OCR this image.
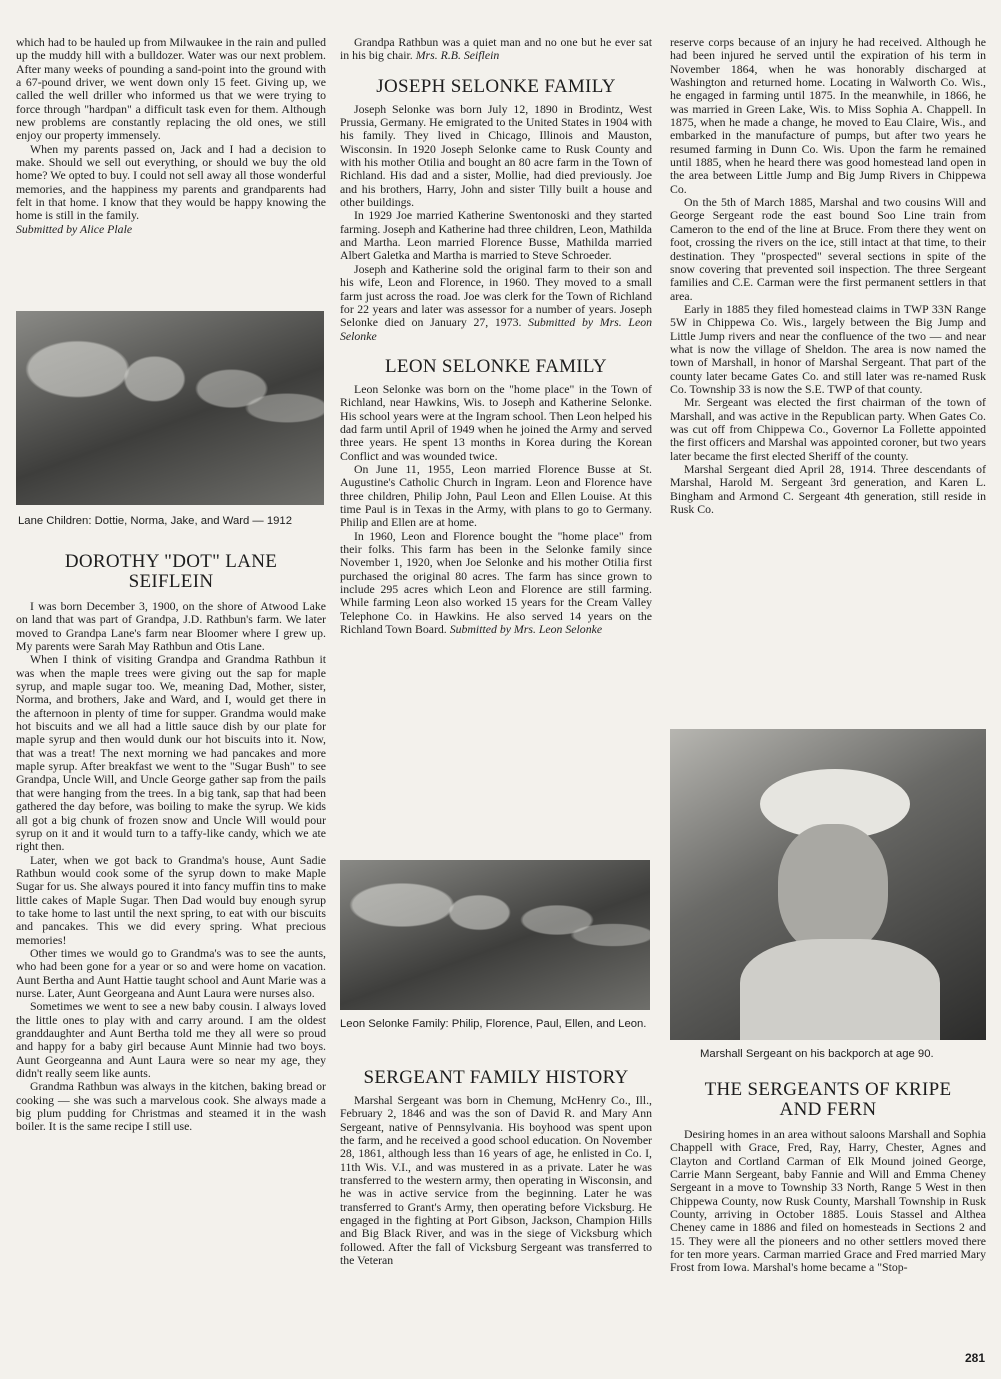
which had to be hauled up from Milwaukee in the rain and pulled up the muddy hill with a bulldozer. Water was our next problem. After many weeks of pounding a sand-point into the ground with a 67-pound driver, we went down only 15 feet. Giving up, we called the well driller who informed us that we were trying to force through "hardpan" a difficult task even for them. Although new problems are constantly replacing the old ones, we still enjoy our property immensely.

When my parents passed on, Jack and I had a decision to make. Should we sell out everything, or should we buy the old home? We opted to buy. I could not sell away all those wonderful memories, and the happiness my parents and grandparents had felt in that home. I know that they would be happy knowing the home is still in the family.

Submitted by Alice Plale

Lane Children: Dottie, Norma, Jake, and Ward — 1912
DOROTHY "DOT" LANE SEIFLEIN

I was born December 3, 1900, on the shore of Atwood Lake on land that was part of Grandpa, J.D. Rathbun's farm. We later moved to Grandpa Lane's farm near Bloomer where I grew up. My parents were Sarah May Rathbun and Otis Lane.

When I think of visiting Grandpa and Grandma Rathbun it was when the maple trees were giving out the sap for maple syrup, and maple sugar too. We, meaning Dad, Mother, sister, Norma, and brothers, Jake and Ward, and I, would get there in the afternoon in plenty of time for supper. Grandma would make hot biscuits and we all had a little sauce dish by our plate for maple syrup and then would dunk our hot biscuits into it. Now, that was a treat! The next morning we had pancakes and more maple syrup. After breakfast we went to the "Sugar Bush" to see Grandpa, Uncle Will, and Uncle George gather sap from the pails that were hanging from the trees. In a big tank, sap that had been gathered the day before, was boiling to make the syrup. We kids all got a big chunk of frozen snow and Uncle Will would pour syrup on it and it would turn to a taffy-like candy, which we ate right then.

Later, when we got back to Grandma's house, Aunt Sadie Rathbun would cook some of the syrup down to make Maple Sugar for us. She always poured it into fancy muffin tins to make little cakes of Maple Sugar. Then Dad would buy enough syrup to take home to last until the next spring, to eat with our biscuits and pancakes. This we did every spring. What precious memories!

Other times we would go to Grandma's was to see the aunts, who had been gone for a year or so and were home on vacation. Aunt Bertha and Aunt Hattie taught school and Aunt Marie was a nurse. Later, Aunt Georgeana and Aunt Laura were nurses also.

Sometimes we went to see a new baby cousin. I always loved the little ones to play with and carry around. I am the oldest granddaughter and Aunt Bertha told me they all were so proud and happy for a baby girl because Aunt Minnie had two boys. Aunt Georgeanna and Aunt Laura were so near my age, they didn't really seem like aunts.

Grandma Rathbun was always in the kitchen, baking bread or cooking — she was such a marvelous cook. She always made a big plum pudding for Christmas and steamed it in the wash boiler. It is the same recipe I still use.

Grandpa Rathbun was a quiet man and no one but he ever sat in his big chair. Mrs. R.B. Seiflein

JOSEPH SELONKE FAMILY

Joseph Selonke was born July 12, 1890 in Brodintz, West Prussia, Germany. He emigrated to the United States in 1904 with his family. They lived in Chicago, Illinois and Mauston, Wisconsin. In 1920 Joseph Selonke came to Rusk County and with his mother Otilia and bought an 80 acre farm in the Town of Richland. His dad and a sister, Mollie, had died previously. Joe and his brothers, Harry, John and sister Tilly built a house and other buildings.

In 1929 Joe married Katherine Swentonoski and they started farming. Joseph and Katherine had three children, Leon, Mathilda and Martha. Leon married Florence Busse, Mathilda married Albert Galetka and Martha is married to Steve Schroeder.

Joseph and Katherine sold the original farm to their son and his wife, Leon and Florence, in 1960. They moved to a small farm just across the road. Joe was clerk for the Town of Richland for 22 years and later was assessor for a number of years. Joseph Selonke died on January 27, 1973. Submitted by Mrs. Leon Selonke

LEON SELONKE FAMILY

Leon Selonke was born on the "home place" in the Town of Richland, near Hawkins, Wis. to Joseph and Katherine Selonke. His school years were at the Ingram school. Then Leon helped his dad farm until April of 1949 when he joined the Army and served three years. He spent 13 months in Korea during the Korean Conflict and was wounded twice.

On June 11, 1955, Leon married Florence Busse at St. Augustine's Catholic Church in Ingram. Leon and Florence have three children, Philip John, Paul Leon and Ellen Louise. At this time Paul is in Texas in the Army, with plans to go to Germany. Philip and Ellen are at home.

In 1960, Leon and Florence bought the "home place" from their folks. This farm has been in the Selonke family since November 1, 1920, when Joe Selonke and his mother Otilia first purchased the original 80 acres. The farm has since grown to include 295 acres which Leon and Florence are still farming. While farming Leon also worked 15 years for the Cream Valley Telephone Co. in Hawkins. He also served 14 years on the Richland Town Board. Submitted by Mrs. Leon Selonke

Leon Selonke Family: Philip, Florence, Paul, Ellen, and Leon.
SERGEANT FAMILY HISTORY

Marshal Sergeant was born in Chemung, McHenry Co., Ill., February 2, 1846 and was the son of David R. and Mary Ann Sergeant, native of Pennsylvania. His boyhood was spent upon the farm, and he received a good school education. On November 28, 1861, although less than 16 years of age, he enlisted in Co. I, 11th Wis. V.I., and was mustered in as a private. Later he was transferred to the western army, then operating in Wisconsin, and he was in active service from the beginning. Later he was transferred to Grant's Army, then operating before Vicksburg. He engaged in the fighting at Port Gibson, Jackson, Champion Hills and Big Black River, and was in the siege of Vicksburg which followed. After the fall of Vicksburg Sergeant was transferred to the Veteran

reserve corps because of an injury he had received. Although he had been injured he served until the expiration of his term in November 1864, when he was honorably discharged at Washington and returned home. Locating in Walworth Co. Wis., he engaged in farming until 1875. In the meanwhile, in 1866, he was married in Green Lake, Wis. to Miss Sophia A. Chappell. In 1875, when he made a change, he moved to Eau Claire, Wis., and embarked in the manufacture of pumps, but after two years he resumed farming in Dunn Co. Wis. Upon the farm he remained until 1885, when he heard there was good homestead land open in the area between Little Jump and Big Jump Rivers in Chippewa Co.

On the 5th of March 1885, Marshal and two cousins Will and George Sergeant rode the east bound Soo Line train from Cameron to the end of the line at Bruce. From there they went on foot, crossing the rivers on the ice, still intact at that time, to their destination. They "prospected" several sections in spite of the snow covering that prevented soil inspection. The three Sergeant families and C.E. Carman were the first permanent settlers in that area.

Early in 1885 they filed homestead claims in TWP 33N Range 5W in Chippewa Co. Wis., largely between the Big Jump and Little Jump rivers and near the confluence of the two — and near what is now the village of Sheldon. The area is now named the town of Marshall, in honor of Marshal Sergeant. That part of the county later became Gates Co. and still later was re-named Rusk Co. Township 33 is now the S.E. TWP of that county.

Mr. Sergeant was elected the first chairman of the town of Marshall, and was active in the Republican party. When Gates Co. was cut off from Chippewa Co., Governor La Follette appointed the first officers and Marshal was appointed coroner, but two years later became the first elected Sheriff of the county.

Marshal Sergeant died April 28, 1914. Three descendants of Marshal, Harold M. Sergeant 3rd generation, and Karen L. Bingham and Armond C. Sergeant 4th generation, still reside in Rusk Co.

Marshall Sergeant on his backporch at age 90.
THE SERGEANTS OF KRIPE AND FERN

Desiring homes in an area without saloons Marshall and Sophia Chappell with Grace, Fred, Ray, Harry, Chester, Agnes and Clayton and Cortland Carman of Elk Mound joined George, Carrie Mann Sergeant, baby Fannie and Will and Emma Cheney Sergeant in a move to Township 33 North, Range 5 West in then Chippewa County, now Rusk County, Marshall Township in Rusk County, arriving in October 1885. Louis Stassel and Althea Cheney came in 1886 and filed on homesteads in Sections 2 and 15. They were all the pioneers and no other settlers moved there for ten more years. Carman married Grace and Fred married Mary Frost from Iowa. Marshal's home became a "Stop-

281
